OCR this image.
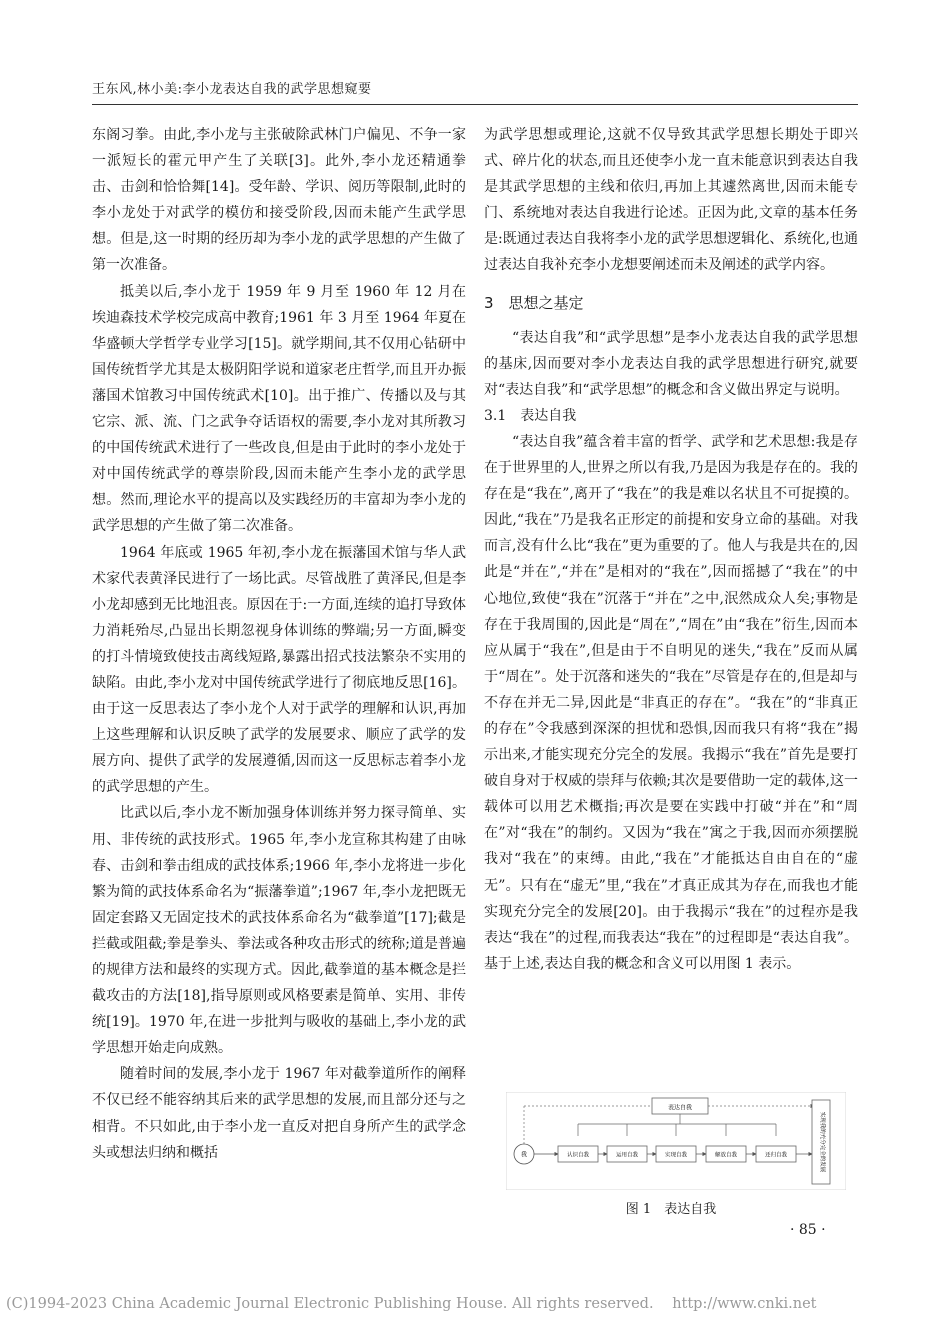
王东风,林小美:李小龙表达自我的武学思想窥要

东阁习拳。由此,李小龙与主张破除武林门户偏见、不争一家一派短长的霍元甲产生了关联[3]。此外,李小龙还精通拳击、击剑和恰恰舞[14]。受年龄、学识、阅历等限制,此时的李小龙处于对武学的模仿和接受阶段,因而未能产生武学思想。但是,这一时期的经历却为李小龙的武学思想的产生做了第一次准备。

抵美以后,李小龙于 1959 年 9 月至 1960 年 12 月在埃迪森技术学校完成高中教育;1961 年 3 月至 1964 年夏在华盛顿大学哲学专业学习[15]。就学期间,其不仅用心钻研中国传统哲学尤其是太极阴阳学说和道家老庄哲学,而且开办振藩国术馆教习中国传统武术[10]。出于推广、传播以及与其它宗、派、流、门之武争夺话语权的需要,李小龙对其所教习的中国传统武术进行了一些改良,但是由于此时的李小龙处于对中国传统武学的尊崇阶段,因而未能产生李小龙的武学思想。然而,理论水平的提高以及实践经历的丰富却为李小龙的武学思想的产生做了第二次准备。

1964 年底或 1965 年初,李小龙在振藩国术馆与华人武术家代表黄泽民进行了一场比武。尽管战胜了黄泽民,但是李小龙却感到无比地沮丧。原因在于:一方面,连续的追打导致体力消耗殆尽,凸显出长期忽视身体训练的弊端;另一方面,瞬变的打斗情境致使技击离线短路,暴露出招式技法繁杂不实用的缺陷。由此,李小龙对中国传统武学进行了彻底地反思[16]。由于这一反思表达了李小龙个人对于武学的理解和认识,再加上这些理解和认识反映了武学的发展要求、顺应了武学的发展方向、提供了武学的发展遵循,因而这一反思标志着李小龙的武学思想的产生。

比武以后,李小龙不断加强身体训练并努力探寻简单、实用、非传统的武技形式。1965 年,李小龙宣称其构建了由咏春、击剑和拳击组成的武技体系;1966 年,李小龙将进一步化繁为简的武技体系命名为“振藩拳道”;1967 年,李小龙把既无固定套路又无固定技术的武技体系命名为“截拳道”[17];截是拦截或阻截;拳是拳头、拳法或各种攻击形式的统称;道是普遍的规律方法和最终的实现方式。因此,截拳道的基本概念是拦截攻击的方法[18],指导原则或风格要素是简单、实用、非传统[19]。1970 年,在进一步批判与吸收的基础上,李小龙的武学思想开始走向成熟。

随着时间的发展,李小龙于 1967 年对截拳道所作的阐释不仅已经不能容纳其后来的武学思想的发展,而且部分还与之相背。不只如此,由于李小龙一直反对把自身所产生的武学念头或想法归纳和概括

为武学思想或理论,这就不仅导致其武学思想长期处于即兴式、碎片化的状态,而且还使李小龙一直未能意识到表达自我是其武学思想的主线和依归,再加上其遽然离世,因而未能专门、系统地对表达自我进行论述。正因为此,文章的基本任务是:既通过表达自我将李小龙的武学思想逻辑化、系统化,也通过表达自我补充李小龙想要阐述而未及阐述的武学内容。

3　思想之基定

“表达自我”和“武学思想”是李小龙表达自我的武学思想的基床,因而要对李小龙表达自我的武学思想进行研究,就要对“表达自我”和“武学思想”的概念和含义做出界定与说明。

3.1　表达自我

“表达自我”蕴含着丰富的哲学、武学和艺术思想:我是存在于世界里的人,世界之所以有我,乃是因为我是存在的。我的存在是“我在”,离开了“我在”的我是难以名状且不可捉摸的。因此,“我在”乃是我名正形定的前提和安身立命的基础。对我而言,没有什么比“我在”更为重要的了。他人与我是共在的,因此是“并在”,“并在”是相对的“我在”,因而摇撼了“我在”的中心地位,致使“我在”沉落于“并在”之中,泯然成众人矣;事物是存在于我周围的,因此是“周在”,“周在”由“我在”衍生,因而本应从属于“我在”,但是由于不自明见的迷失,“我在”反而从属于“周在”。处于沉落和迷失的“我在”尽管是存在的,但是却与不存在并无二异,因此是“非真正的存在”。“我在”的“非真正的存在”令我感到深深的担忧和恐惧,因而我只有将“我在”揭示出来,才能实现充分完全的发展。我揭示“我在”首先是要打破自身对于权威的崇拜与依赖;其次是要借助一定的载体,这一载体可以用艺术概指;再次是要在实践中打破“并在”和“周在”对“我在”的制约。又因为“我在”寓之于我,因而亦须摆脱我对“我在”的束缚。由此,“我在”才能抵达自由自在的“虚无”。只有在“虚无”里,“我在”才真正成其为存在,而我也才能实现充分完全的发展[20]。由于我揭示“我在”的过程亦是我表达“我在”的过程,而我表达“我在”的过程即是“表达自我”。基于上述,表达自我的概念和含义可以用图 1 表示。

表达自我
我	认识自我	运用自我	实现自我	解放自我	还归自我	实现我的充分完全的发展
图 1　表达自我
· 85 ·
(C)1994-2023 China Academic Journal Electronic Publishing House. All rights reserved. http://www.cnki.net
